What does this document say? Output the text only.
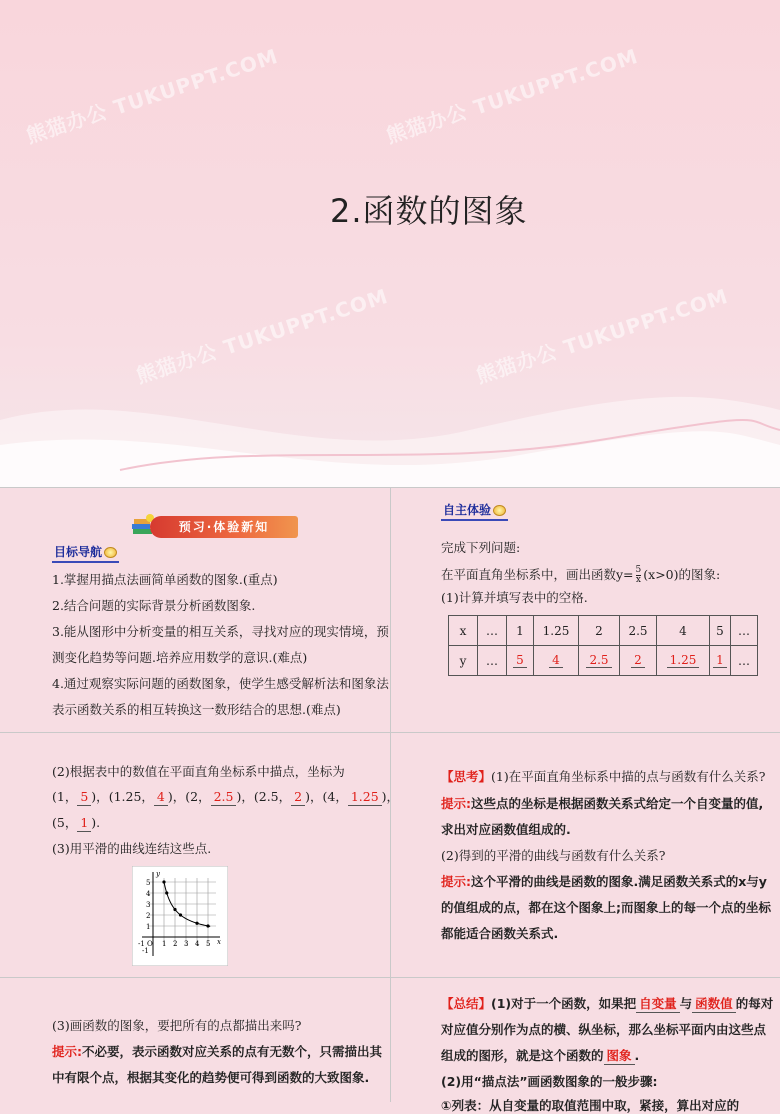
2.函数的图象
熊猫办公 TUKUPPT.COM	熊猫办公 TUKUPPT.COM
熊猫办公 TUKUPPT.COM	熊猫办公 TUKUPPT.COM
预习·体验新知
目标导航
1.掌握用描点法画简单函数的图象.(重点)
2.结合问题的实际背景分析函数图象.
3.能从图形中分析变量的相互关系，寻找对应的现实情境，预
测变化趋势等问题.培养应用数学的意识.(难点)
4.通过观察实际问题的函数图象，使学生感受解析法和图象法
表示函数关系的相互转换这一数形结合的思想.(难点)
自主体验
完成下列问题:
在平面直角坐标系中，画出函数$y= \frac{5}{x} (x>0)$的图象:
(1)计算并填写表中的空格.
x	…	1	1.25	2	2.5	4	5	…
y	…	5	4	2.5	2	1.25	1	…
(2)根据表中的数值在平面直角坐标系中描点，坐标为
(1， 5 )，(1.25， 4 )，(2， 2.5 )，(2.5， 2 )，(4， 1.25 )，
(5， 1 ).
(3)用平滑的曲线连结这些点.
5
4
3
2
1
-1
-1 O 1 2 3 4 5
y
x
【思考】(1)在平面直角坐标系中描的点与函数有什么关系?
提示:这些点的坐标是根据函数关系式给定一个自变量的值,
求出对应函数值组成的.
(2)得到的平滑的曲线与函数有什么关系?
提示:这个平滑的曲线是函数的图象.满足函数关系式的x与y
的值组成的点，都在这个图象上;而图象上的每一个点的坐标
都能适合函数关系式.
(3)画函数的图象，要把所有的点都描出来吗?
提示:不必要，表示函数对应关系的点有无数个，只需描出其
中有限个点，根据其变化的趋势便可得到函数的大致图象.
【总结】(1)对于一个函数，如果把 自变量 与 函数值 的每对
对应值分别作为点的横、纵坐标，那么坐标平面内由这些点
组成的图形，就是这个函数的 图象 .
(2)用“描点法”画函数图象的一般步骤:
①列表：从自变量的取值范围中取，紧接，算出对应的
